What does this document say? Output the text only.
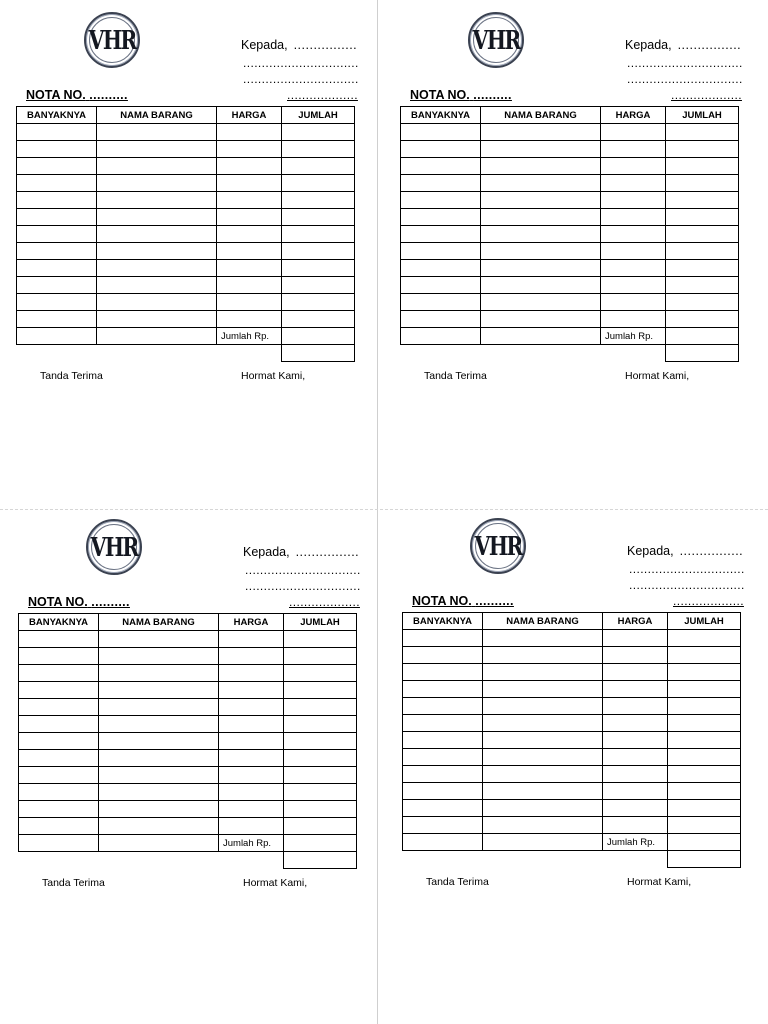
VHR	Kepada, ................
...............................
...............................
...................
NOTA NO. ..........
BANYAKNYA	NAMA BARANG	HARGA	JUMLAH

		Jumlah Rp.	

Tanda Terima	Hormat Kami,
VHR	Kepada, ................
...............................
...............................
...................
NOTA NO. ..........
BANYAKNYA	NAMA BARANG	HARGA	JUMLAH

		Jumlah Rp.	

Tanda Terima	Hormat Kami,
VHR	Kepada, ................
...............................
...............................
...................
NOTA NO. ..........
BANYAKNYA	NAMA BARANG	HARGA	JUMLAH

		Jumlah Rp.	

Tanda Terima	Hormat Kami,
VHR	Kepada, ................
...............................
...............................
...................
NOTA NO. ..........
BANYAKNYA	NAMA BARANG	HARGA	JUMLAH

		Jumlah Rp.	

Tanda Terima	Hormat Kami,
